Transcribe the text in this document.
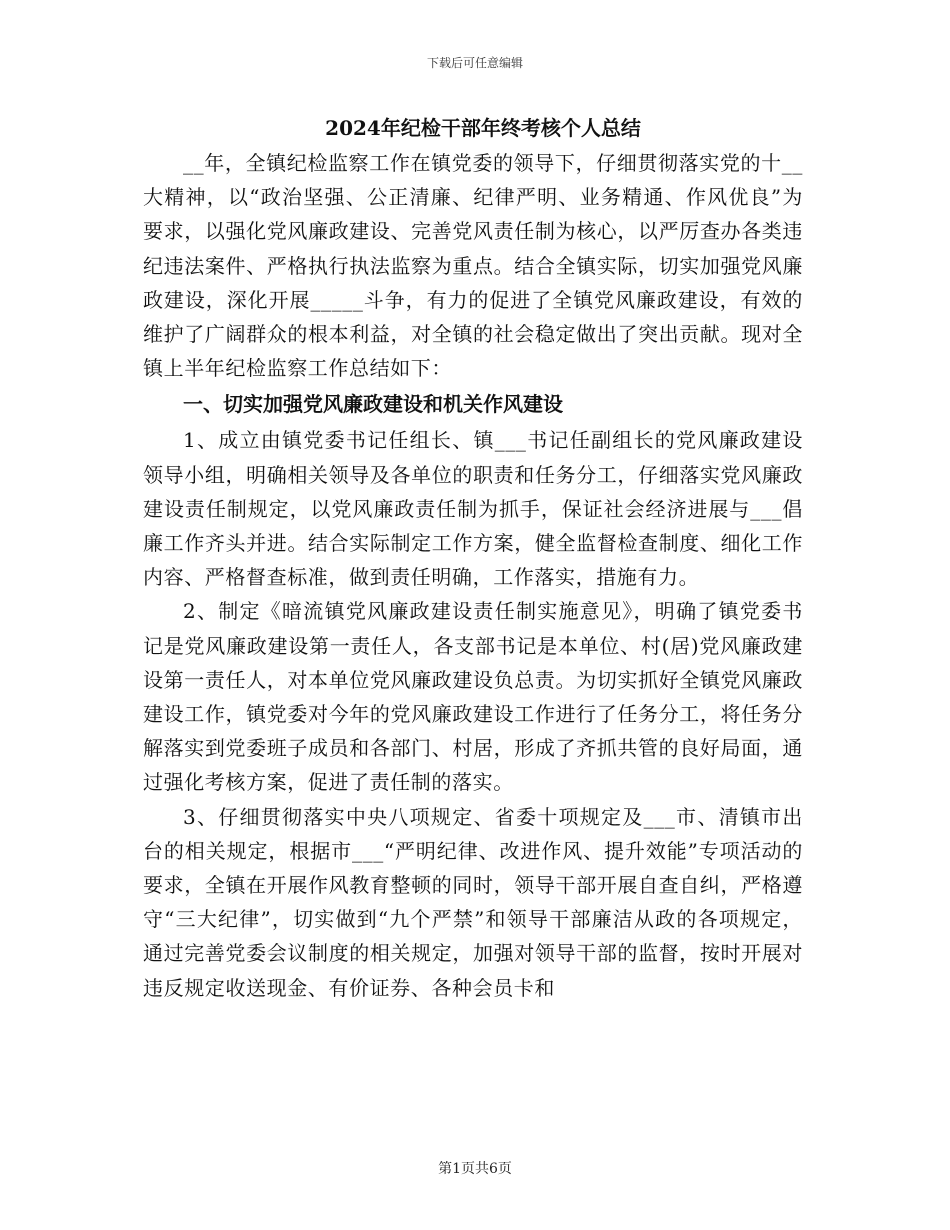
下载后可任意编辑
2024年纪检干部年终考核个人总结

__年，全镇纪检监察工作在镇党委的领导下，仔细贯彻落实党的十__大精神，以“政治坚强、公正清廉、纪律严明、业务精通、作风优良”为要求，以强化党风廉政建设、完善党风责任制为核心，以严厉查办各类违纪违法案件、严格执行执法监察为重点。结合全镇实际，切实加强党风廉政建设，深化开展_____斗争，有力的促进了全镇党风廉政建设，有效的维护了广阔群众的根本利益，对全镇的社会稳定做出了突出贡献。现对全镇上半年纪检监察工作总结如下：

一、切实加强党风廉政建设和机关作风建设

1、成立由镇党委书记任组长、镇___书记任副组长的党风廉政建设领导小组，明确相关领导及各单位的职责和任务分工，仔细落实党风廉政建设责任制规定，以党风廉政责任制为抓手，保证社会经济进展与___倡廉工作齐头并进。结合实际制定工作方案，健全监督检查制度、细化工作内容、严格督查标准，做到责任明确，工作落实，措施有力。

2、制定《暗流镇党风廉政建设责任制实施意见》，明确了镇党委书记是党风廉政建设第一责任人，各支部书记是本单位、村(居)党风廉政建设第一责任人，对本单位党风廉政建设负总责。为切实抓好全镇党风廉政建设工作，镇党委对今年的党风廉政建设工作进行了任务分工，将任务分解落实到党委班子成员和各部门、村居，形成了齐抓共管的良好局面，通过强化考核方案，促进了责任制的落实。

3、仔细贯彻落实中央八项规定、省委十项规定及___市、清镇市出台的相关规定，根据市___“严明纪律、改进作风、提升效能”专项活动的要求，全镇在开展作风教育整顿的同时，领导干部开展自查自纠，严格遵守“三大纪律”，切实做到“九个严禁”和领导干部廉洁从政的各项规定，通过完善党委会议制度的相关规定，加强对领导干部的监督，按时开展对违反规定收送现金、有价证券、各种会员卡和

第1页共6页
